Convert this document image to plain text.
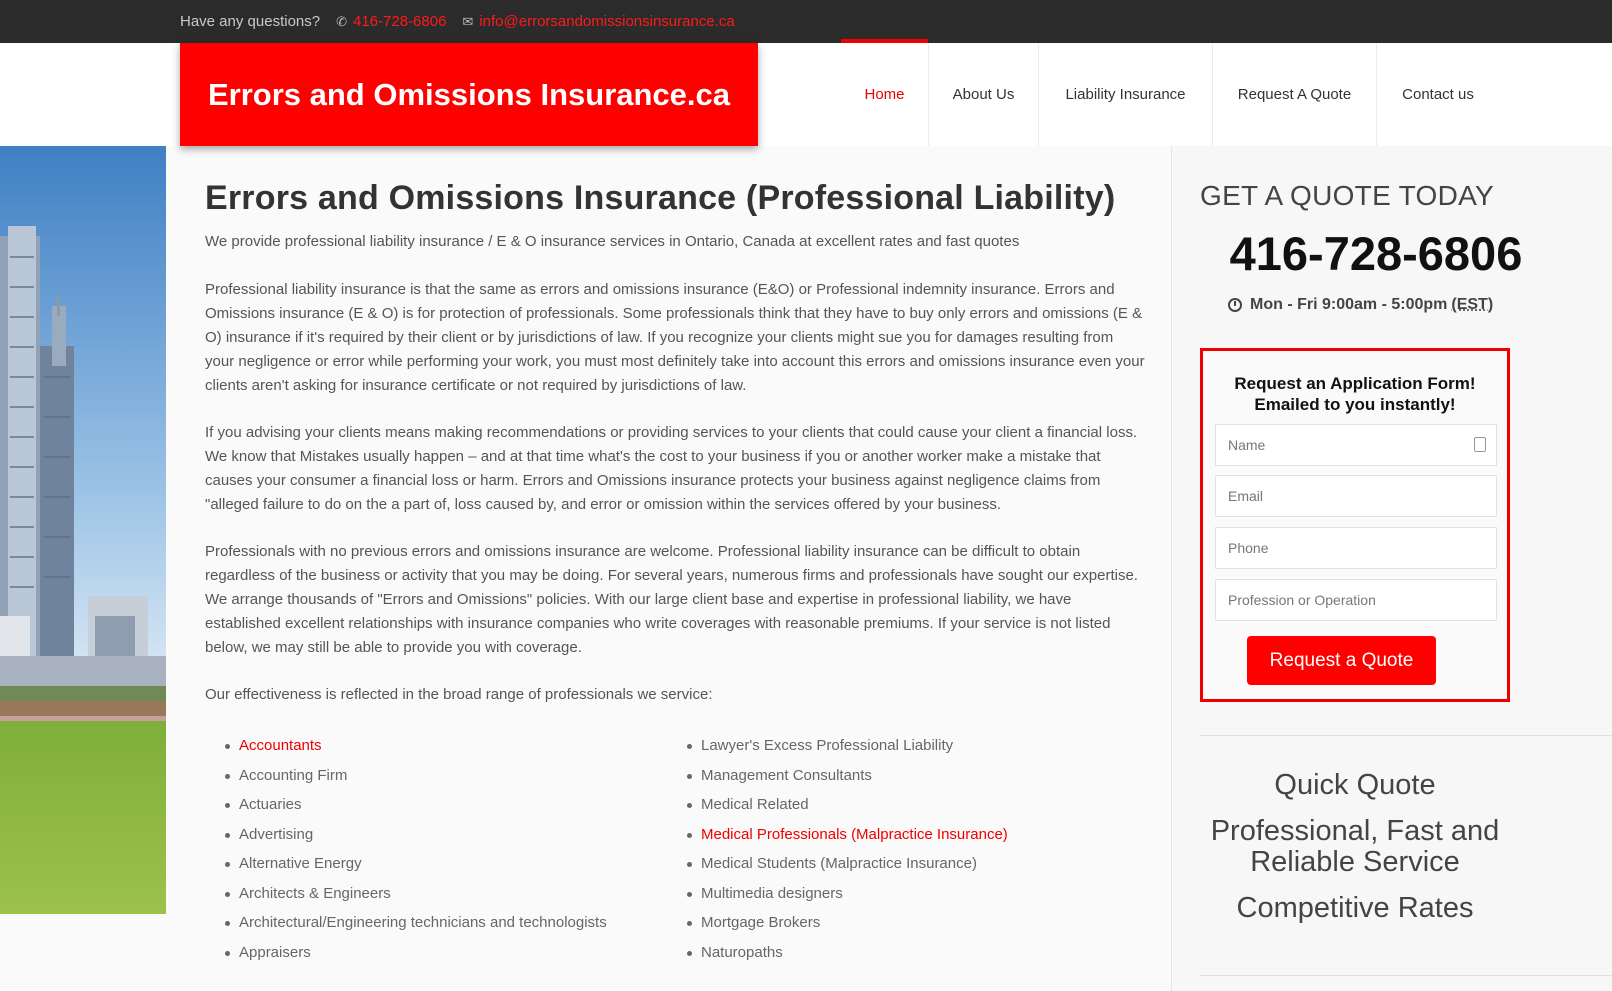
Have any questions? ✆ 416-728-6806 ✉ info@errorsandomissionsinsurance.ca
Errors and Omissions Insurance.ca	Home	About Us	Liability Insurance	Request A Quote	Contact us
Errors and Omissions Insurance (Professional Liability)

We provide professional liability insurance / E & O insurance services in Ontario, Canada at excellent rates and fast quotes

Professional liability insurance is that the same as errors and omissions insurance (E&O) or Professional indemnity insurance. Errors and Omissions insurance (E & O) is for protection of professionals. Some professionals think that they have to buy only errors and omissions (E & O) insurance if it's required by their client or by jurisdictions of law. If you recognize your clients might sue you for damages resulting from your negligence or error while performing your work, you must most definitely take into account this errors and omissions insurance even your clients aren't asking for insurance certificate or not required by jurisdictions of law.

If you advising your clients means making recommendations or providing services to your clients that could cause your client a financial loss. We know that Mistakes usually happen – and at that time what's the cost to your business if you or another worker make a mistake that causes your consumer a financial loss or harm. Errors and Omissions insurance protects your business against negligence claims from "alleged failure to do on the a part of, loss caused by, and error or omission within the services offered by your business.

Professionals with no previous errors and omissions insurance are welcome. Professional liability insurance can be difficult to obtain regardless of the business or activity that you may be doing. For several years, numerous firms and professionals have sought our expertise. We arrange thousands of "Errors and Omissions" policies. With our large client base and expertise in professional liability, we have established excellent relationships with insurance companies who write coverages with reasonable premiums. If your service is not listed below, we may still be able to provide you with coverage.

Our effectiveness is reflected in the broad range of professionals we service:

Accountants
Accounting Firm
Actuaries
Advertising
Alternative Energy
Architects & Engineers
Architectural/Engineering technicians and technologists
Appraisers
Lawyer's Excess Professional Liability
Management Consultants
Medical Related
Medical Professionals (Malpractice Insurance)
Medical Students (Malpractice Insurance)
Multimedia designers
Mortgage Brokers
Naturopaths
GET A QUOTE TODAY
416-728-6806
Mon - Fri 9:00am - 5:00pm (EST)
Request an Application Form!
Emailed to you instantly!
Name
Email
Phone
Profession or Operation
Request a Quote
Quick Quote
Professional, Fast and Reliable Service
Competitive Rates
